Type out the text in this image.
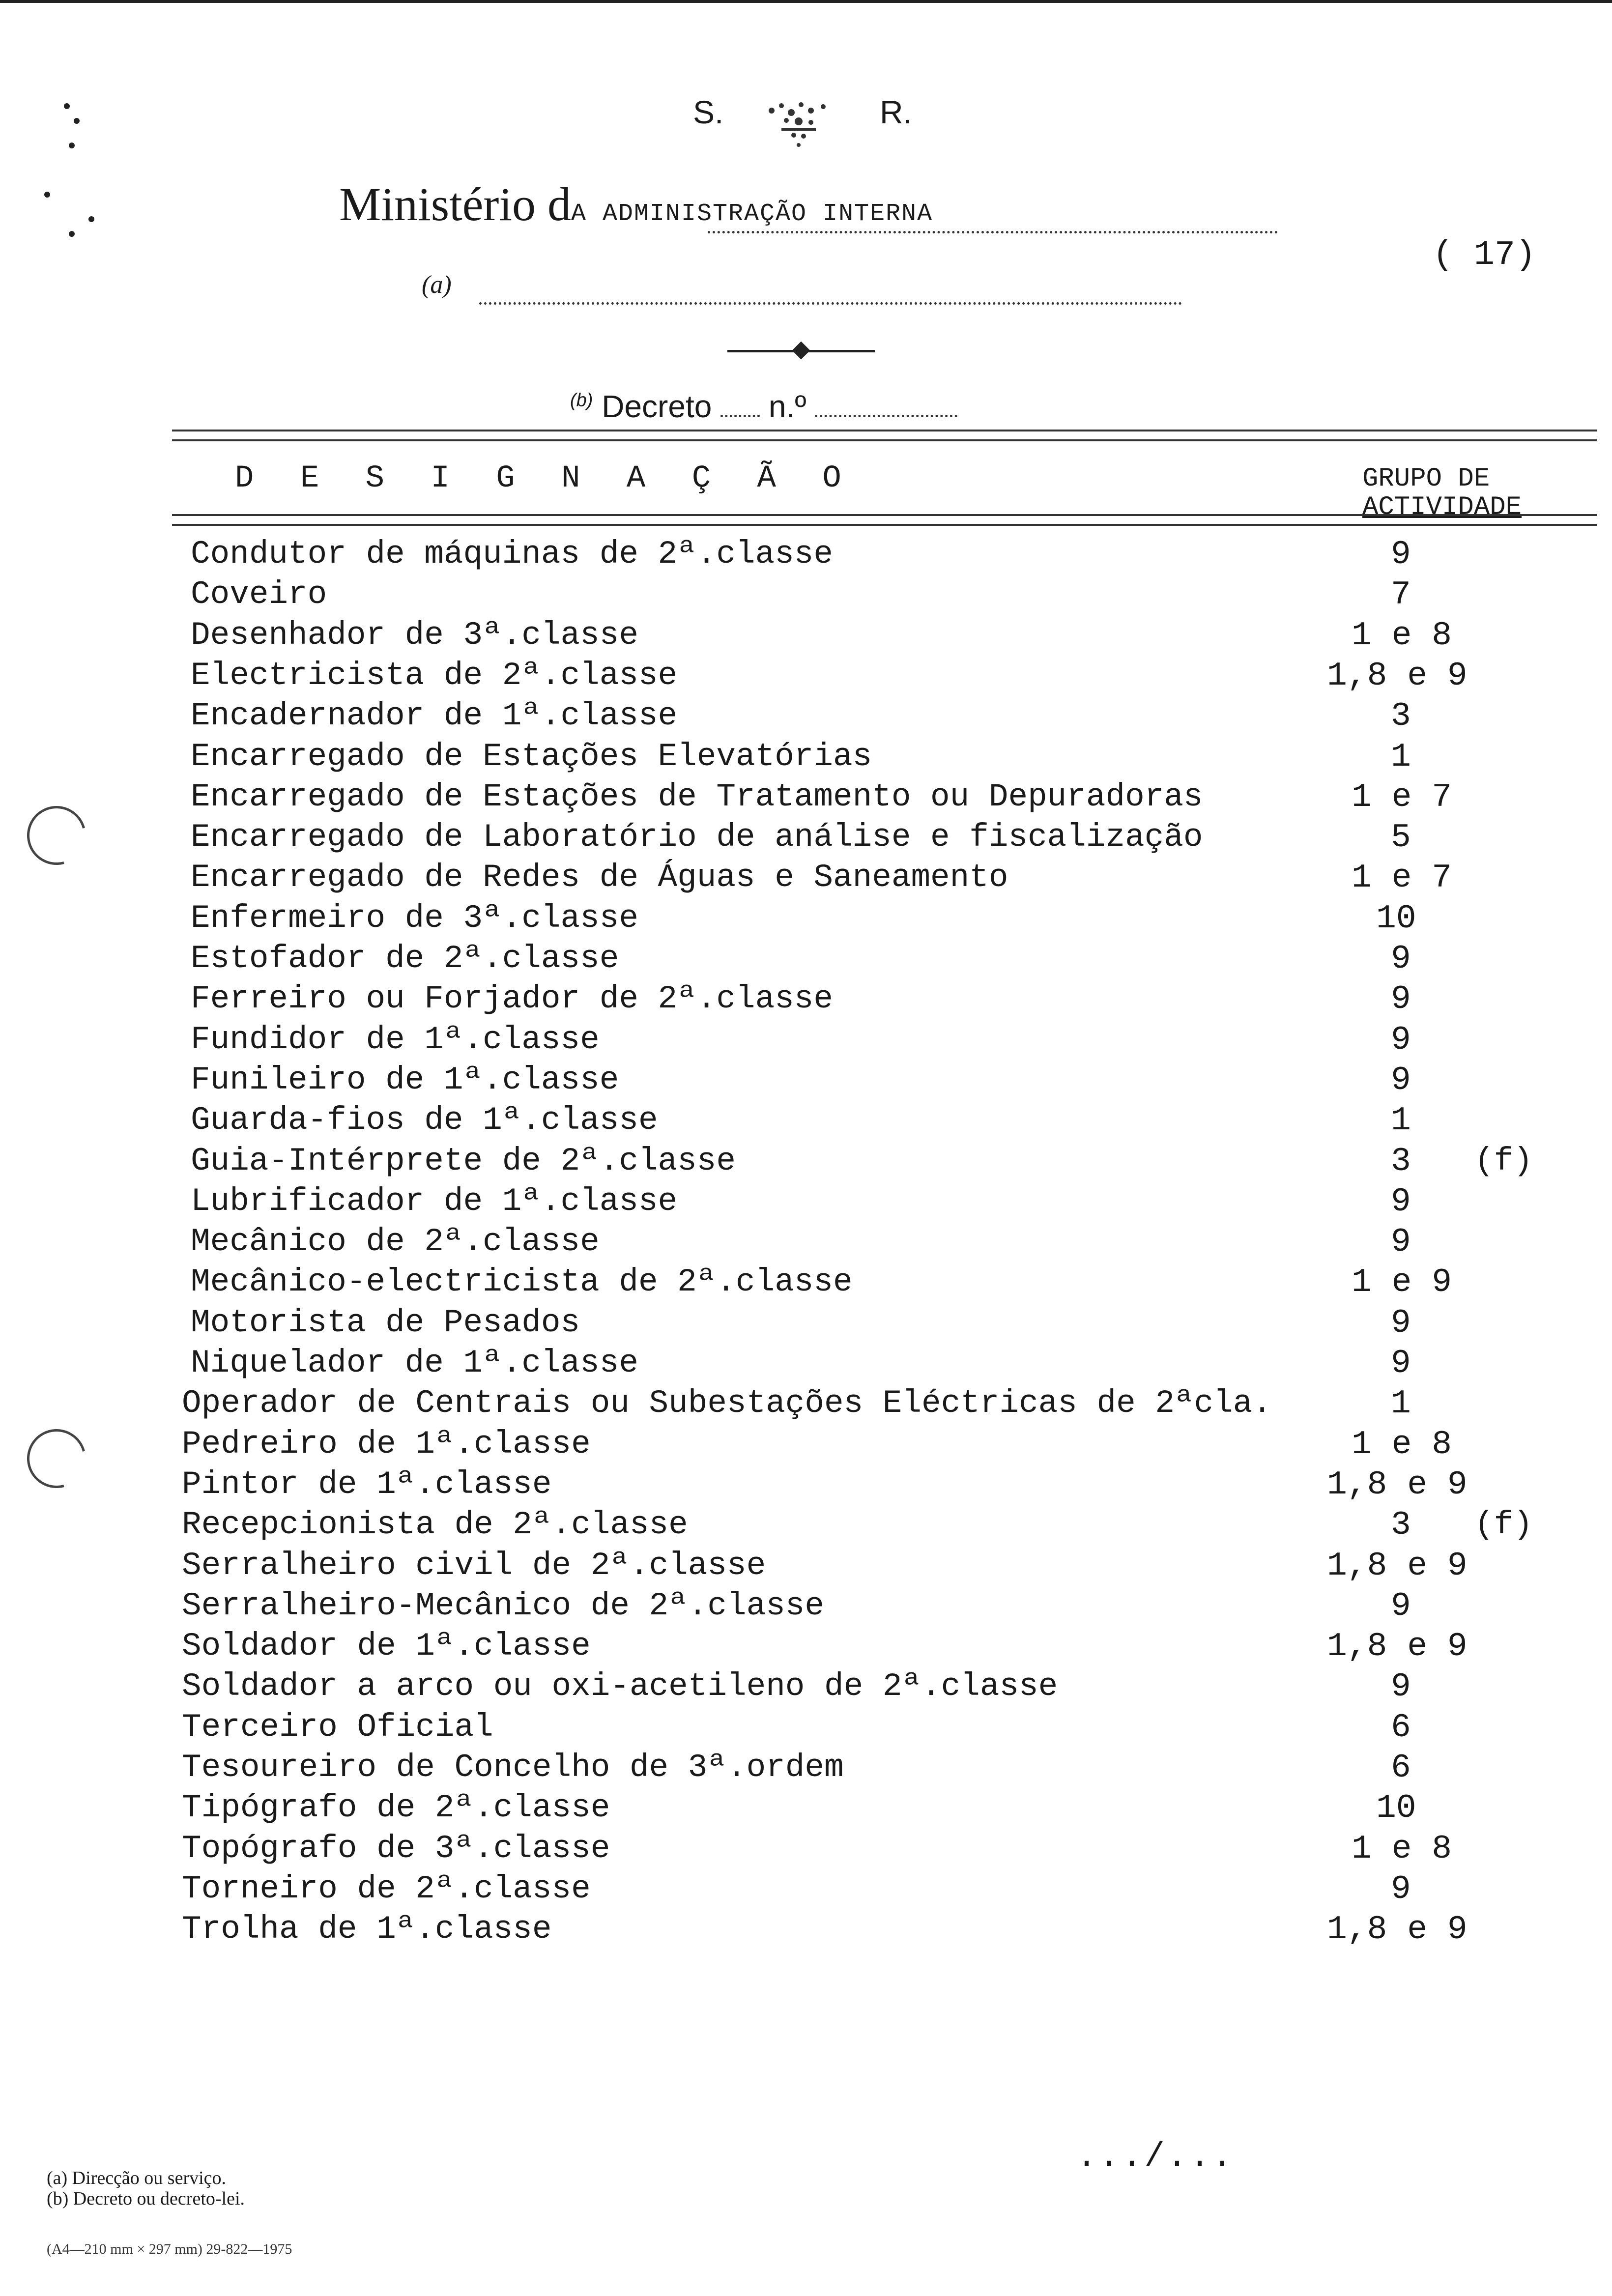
S.	R.
Ministério dA ADMINISTRAÇÃO INTERNA
( 17)
(a)
$^{(b)}$ Decreto n.º
D E S I G N A Ç Ã O	GRUPO DE
ACTIVIDADE
Condutor de máquinas de 2ª.classe	9
Coveiro	7
Desenhador de 3ª.classe	1 e 8
Electricista de 2ª.classe	1,8 e 9
Encadernador de 1ª.classe	3
Encarregado de Estações Elevatórias	1
Encarregado de Estações de Tratamento ou Depuradoras	1 e 7
Encarregado de Laboratório de análise e fiscalização	5
Encarregado de Redes de Águas e Saneamento	1 e 7
Enfermeiro de 3ª.classe	10
Estofador de 2ª.classe	9
Ferreiro ou Forjador de 2ª.classe	9
Fundidor de 1ª.classe	9
Funileiro de 1ª.classe	9
Guarda-fios de 1ª.classe	1
Guia-Intérprete de 2ª.classe	3 (f)
Lubrificador de 1ª.classe	9
Mecânico de 2ª.classe	9
Mecânico-electricista de 2ª.classe	1 e 9
Motorista de Pesados	9
Niquelador de 1ª.classe	9
Operador de Centrais ou Subestações Eléctricas de 2ªcla.	1
Pedreiro de 1ª.classe	1 e 8
Pintor de 1ª.classe	1,8 e 9
Recepcionista de 2ª.classe	3 (f)
Serralheiro civil de 2ª.classe	1,8 e 9
Serralheiro-Mecânico de 2ª.classe	9
Soldador de 1ª.classe	1,8 e 9
Soldador a arco ou oxi-acetileno de 2ª.classe	9
Terceiro Oficial	6
Tesoureiro de Concelho de 3ª.ordem	6
Tipógrafo de 2ª.classe	10
Topógrafo de 3ª.classe	1 e 8
Torneiro de 2ª.classe	9
Trolha de 1ª.classe	1,8 e 9
.../...
(a) Direcção ou serviço.
(b) Decreto ou decreto-lei.
(A4—210 mm × 297 mm) 29-822—1975
